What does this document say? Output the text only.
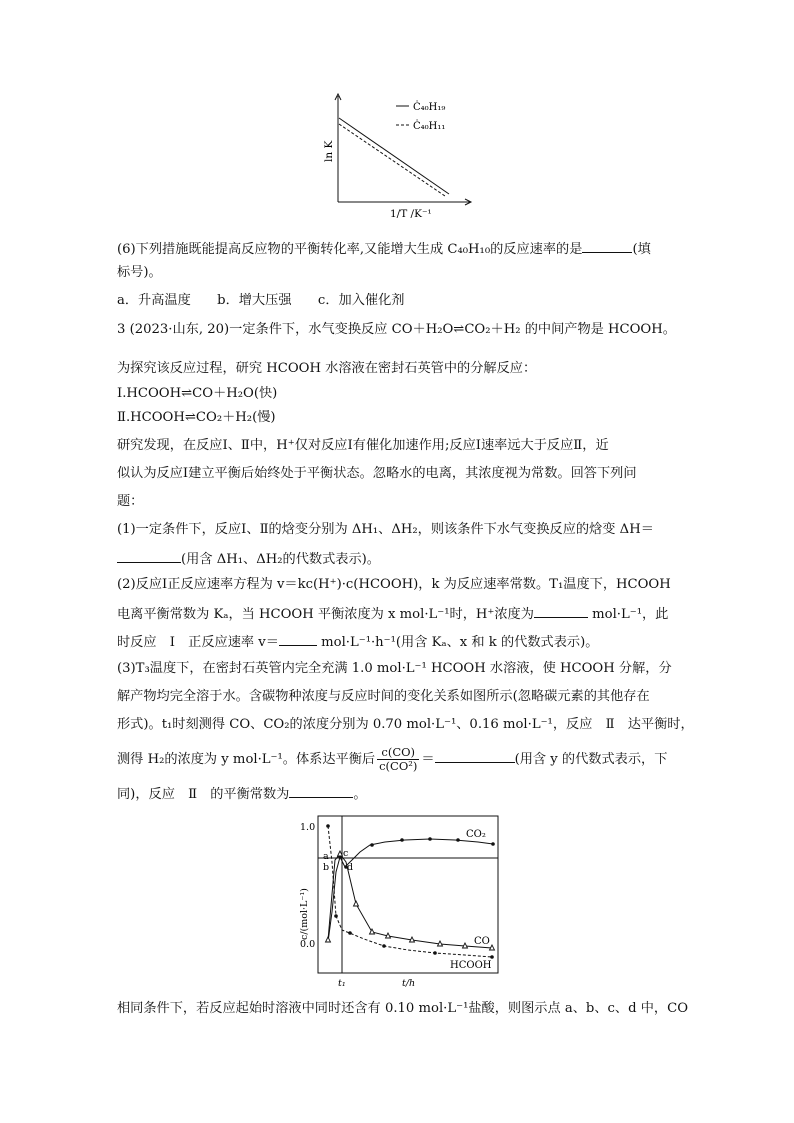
Ċ₄₀H₁₉
Ċ₄₀H₁₁
ln K
1/T /K⁻¹
(6)下列措施既能提高反应物的平衡转化率,又能增大生成 C₄₀H₁₀的反应速率的是	(填
标号)。
a．升高温度　　b．增大压强　　c．加入催化剂
3 (2023·山东, 20)一定条件下，水气变换反应 CO＋H₂O⇌CO₂＋H₂ 的中间产物是 HCOOH。
为探究该反应过程，研究 HCOOH 水溶液在密封石英管中的分解反应：
Ⅰ.HCOOH⇌CO＋H₂O(快)
Ⅱ.HCOOH⇌CO₂＋H₂(慢)
研究发现，在反应Ⅰ、Ⅱ中，H⁺仅对反应Ⅰ有催化加速作用;反应Ⅰ速率远大于反应Ⅱ，近
似认为反应Ⅰ建立平衡后始终处于平衡状态。忽略水的电离，其浓度视为常数。回答下列问
题：
(1)一定条件下，反应Ⅰ、Ⅱ的焓变分别为 ΔH₁、ΔH₂，则该条件下水气变换反应的焓变 ΔH＝
(用含 ΔH₁、ΔH₂的代数式表示)。
(2)反应Ⅰ正反应速率方程为 v＝kc(H⁺)·c(HCOOH)，k 为反应速率常数。T₁温度下，HCOOH
电离平衡常数为 Kₐ，当 HCOOH 平衡浓度为 x mol·L⁻¹时，H⁺浓度为	mol·L⁻¹，此
时反应　Ⅰ　正反应速率 v＝	mol·L⁻¹·h⁻¹(用含 Kₐ、x 和 k 的代数式表示)。
(3)T₃温度下，在密封石英管内完全充满 1.0 mol·L⁻¹ HCOOH 水溶液，使 HCOOH 分解，分
解产物均完全溶于水。含碳物种浓度与反应时间的变化关系如图所示(忽略碳元素的其他存在
形式)。t₁时刻测得 CO、CO₂的浓度分别为 0.70 mol·L⁻¹、0.16 mol·L⁻¹，反应　Ⅱ　达平衡时，
测得 H₂的浓度为 y mol·L⁻¹。体系达平衡后 $\frac{c(CO)}{\text{c(CO²)}}$ ＝	(用含 y 的代数式表示，下
同)，反应　Ⅱ　的平衡常数为	。
1.0
0.0
c/(mol·L⁻¹)
a
b
c
d
CO₂
CO
HCOOH
t₁	t/h
相同条件下，若反应起始时溶液中同时还含有 0.10 mol·L⁻¹盐酸，则图示点 a、b、c、d 中，CO
